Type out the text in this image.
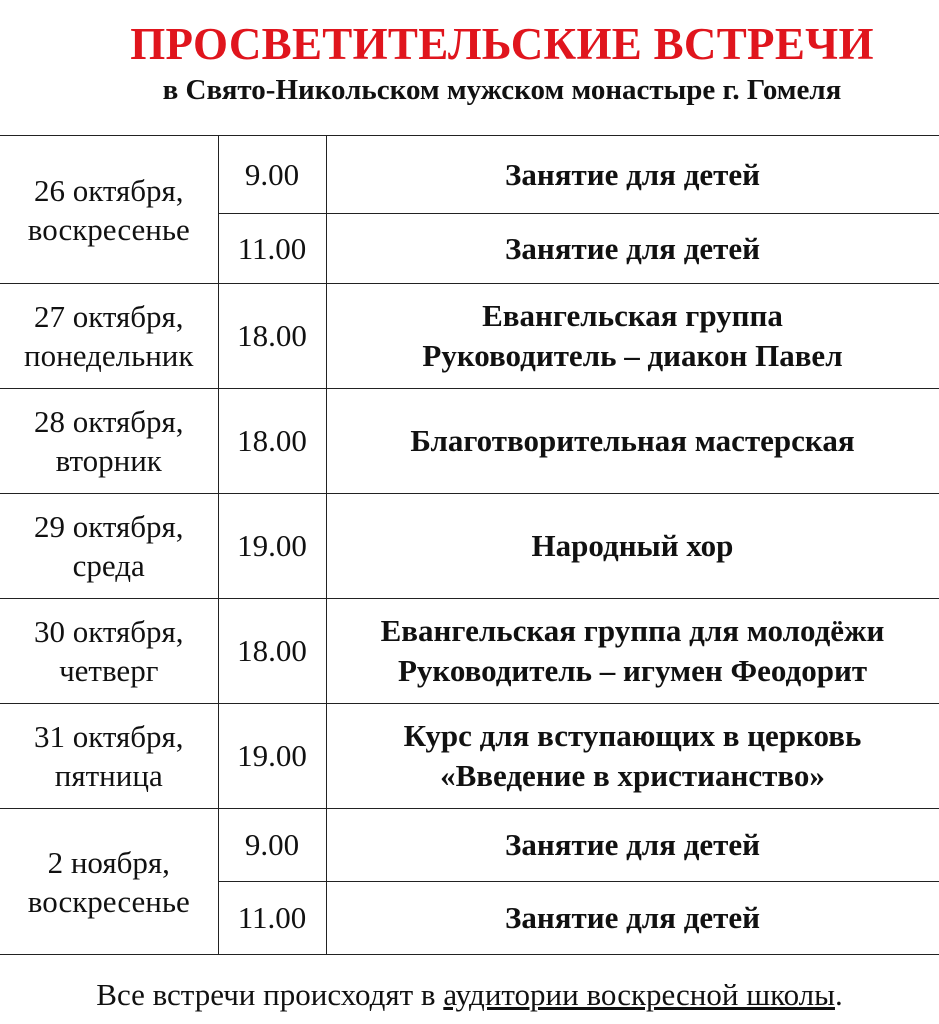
ПРОСВЕТИТЕЛЬСКИЕ ВСТРЕЧИ
в Свято-Никольском мужском монастыре г. Гомеля
26 октября,
воскресенье	9.00	Занятие для детей

	11.00	Занятие для детей

27 октября,
понедельник	18.00	Евангельская группа
Руководитель – диакон Павел

28 октября,
вторник	18.00	Благотворительная мастерская

29 октября,
среда	19.00	Народный хор

30 октября,
четверг	18.00	Евангельская группа для молодёжи
Руководитель – игумен Феодорит

31 октября,
пятница	19.00	Курс для вступающих в церковь
«Введение в христианство»

2 ноября,
воскресенье	9.00	Занятие для детей

	11.00	Занятие для детей
Все встречи происходят в аудитории воскресной школы.
